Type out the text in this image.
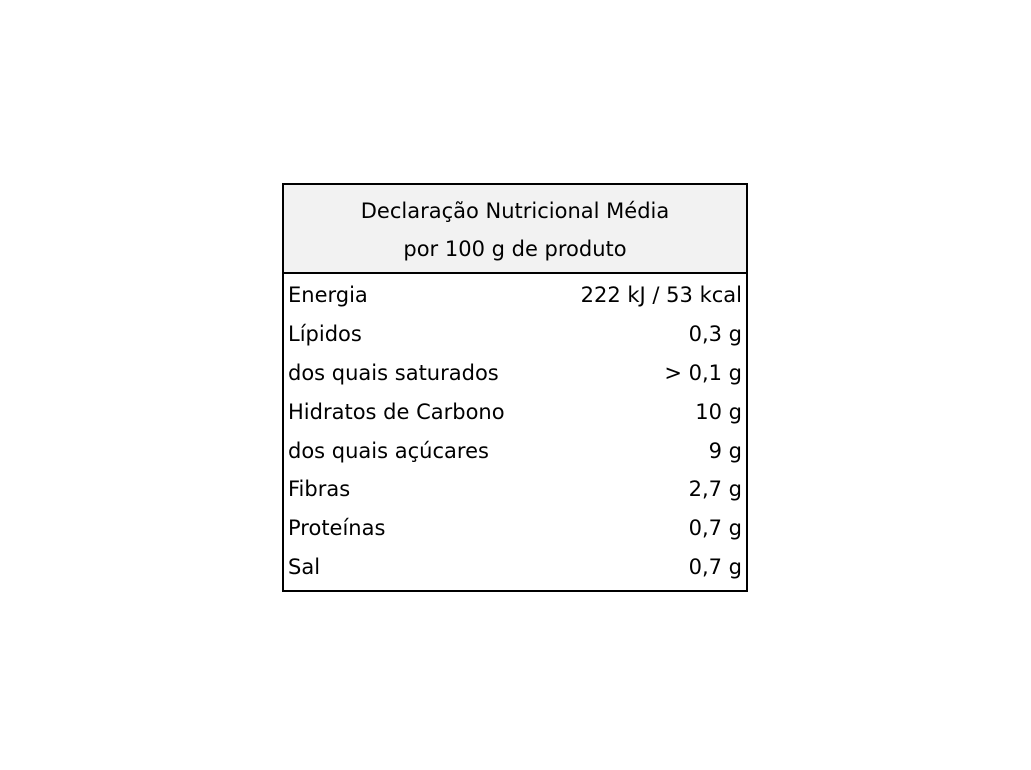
Declaração Nutricional Média
por 100 g de produto
Energia	222 kJ / 53 kcal
Lípidos	0,3 g
dos quais saturados	> 0,1 g
Hidratos de Carbono	10 g
dos quais açúcares	9 g
Fibras	2,7 g
Proteínas	0,7 g
Sal	0,7 g
